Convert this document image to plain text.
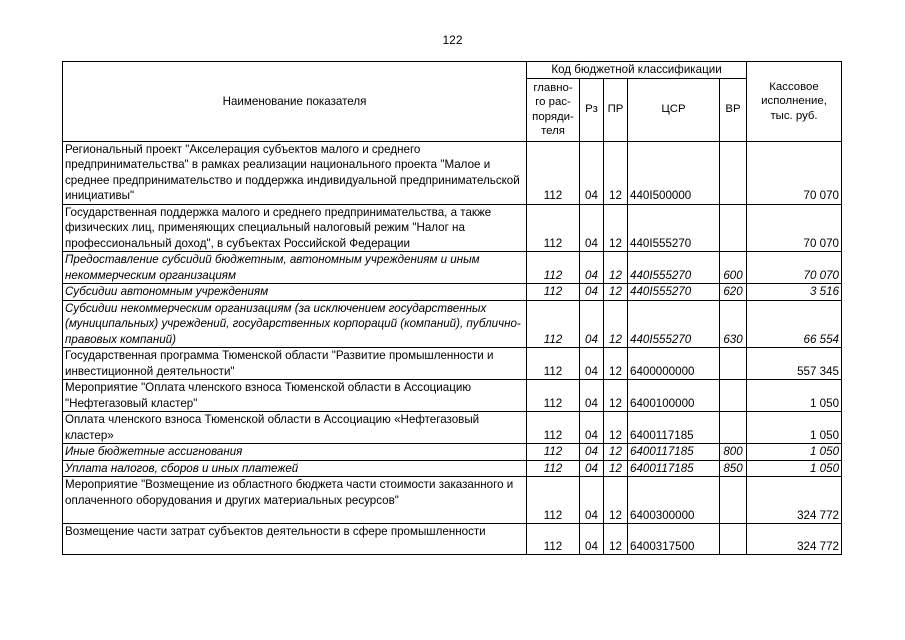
122
Наименование показателя	Код бюджетной классификации					Кассовое исполнение, тыс. руб.
	главно-го рас-поряди-теля	Рз	ПР	ЦСР	ВР	
Региональный проект "Акселерация субъектов малого и среднего предпринимательства" в рамках реализации национального проекта "Малое и среднее предпринимательство и поддержка индивидуальной предпринимательской инициативы"	112	04	12	440I500000		70 070
Государственная поддержка малого и среднего предпринимательства, а также физических лиц, применяющих специальный налоговый режим "Налог на профессиональный доход", в субъектах Российской Федерации	112	04	12	440I555270		70 070
Предоставление субсидий бюджетным, автономным учреждениям и иным некоммерческим организациям	112	04	12	440I555270	600	70 070
Субсидии автономным учреждениям	112	04	12	440I555270	620	3 516
Субсидии некоммерческим организациям (за исключением государственных (муниципальных) учреждений, государственных корпораций (компаний), публично-правовых компаний)	112	04	12	440I555270	630	66 554
Государственная программа Тюменской области "Развитие промышленности и инвестиционной деятельности"	112	04	12	6400000000		557 345
Мероприятие "Оплата членского взноса Тюменской области в Ассоциацию "Нефтегазовый кластер"	112	04	12	6400100000		1 050
Оплата членского взноса Тюменской области в Ассоциацию «Нефтегазовый кластер»	112	04	12	6400117185		1 050
Иные бюджетные ассигнования	112	04	12	6400117185	800	1 050
Уплата налогов, сборов и иных платежей	112	04	12	6400117185	850	1 050
Мероприятие "Возмещение из областного бюджета части стоимости заказанного и оплаченного оборудования и других материальных ресурсов"	112	04	12	6400300000		324 772
Возмещение части затрат субъектов деятельности в сфере промышленности	112	04	12	6400317500		324 772
